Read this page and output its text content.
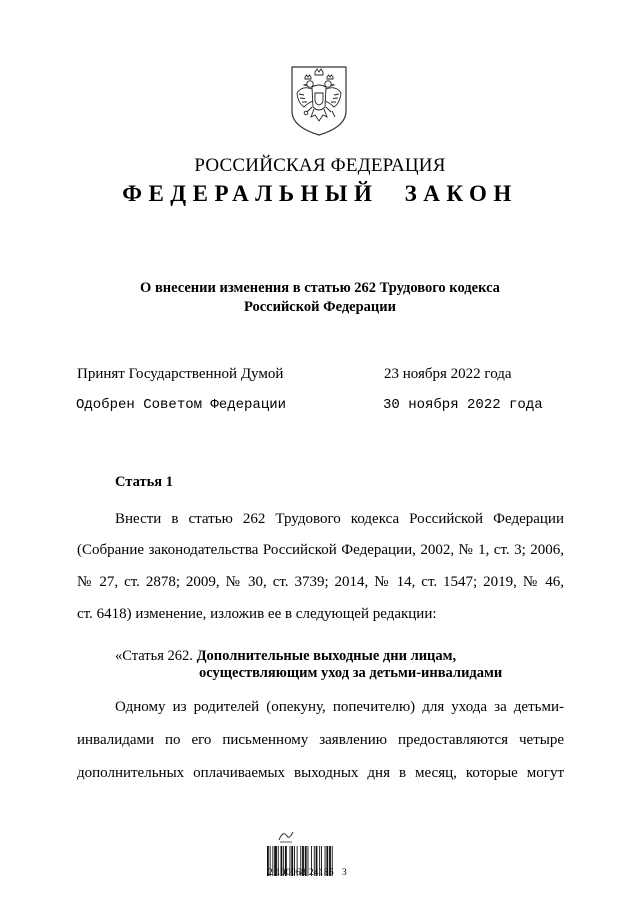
РОССИЙСКАЯ ФЕДЕРАЦИЯ
ФЕДЕРАЛЬНЫЙ ЗАКОН
О внесении изменения в статью 262 Трудового кодекса
Российской Федерации
Принят Государственной Думой	23 ноября 2022 года
Одобрен Советом Федерации	30 ноября 2022 года
Статья 1
Внести в статью 262 Трудового кодекса Российской Федерации
(Собрание законодательства Российской Федерации, 2002, № 1, ст. 3; 2006,
№ 27, ст. 2878; 2009, № 30, ст. 3739; 2014, № 14, ст. 1547; 2019, № 46,
ст. 6418) изменение, изложив ее в следующей редакции:
«Статья 262. Дополнительные выходные дни лицам,
осуществляющим уход за детьми-инвалидами
Одному из родителей (опекуну, попечителю) для ухода за детьми-
инвалидами по его письменному заявлению предоставляются четыре
дополнительных оплачиваемых выходных дня в месяц, которые могут
2 100068 24185   3
